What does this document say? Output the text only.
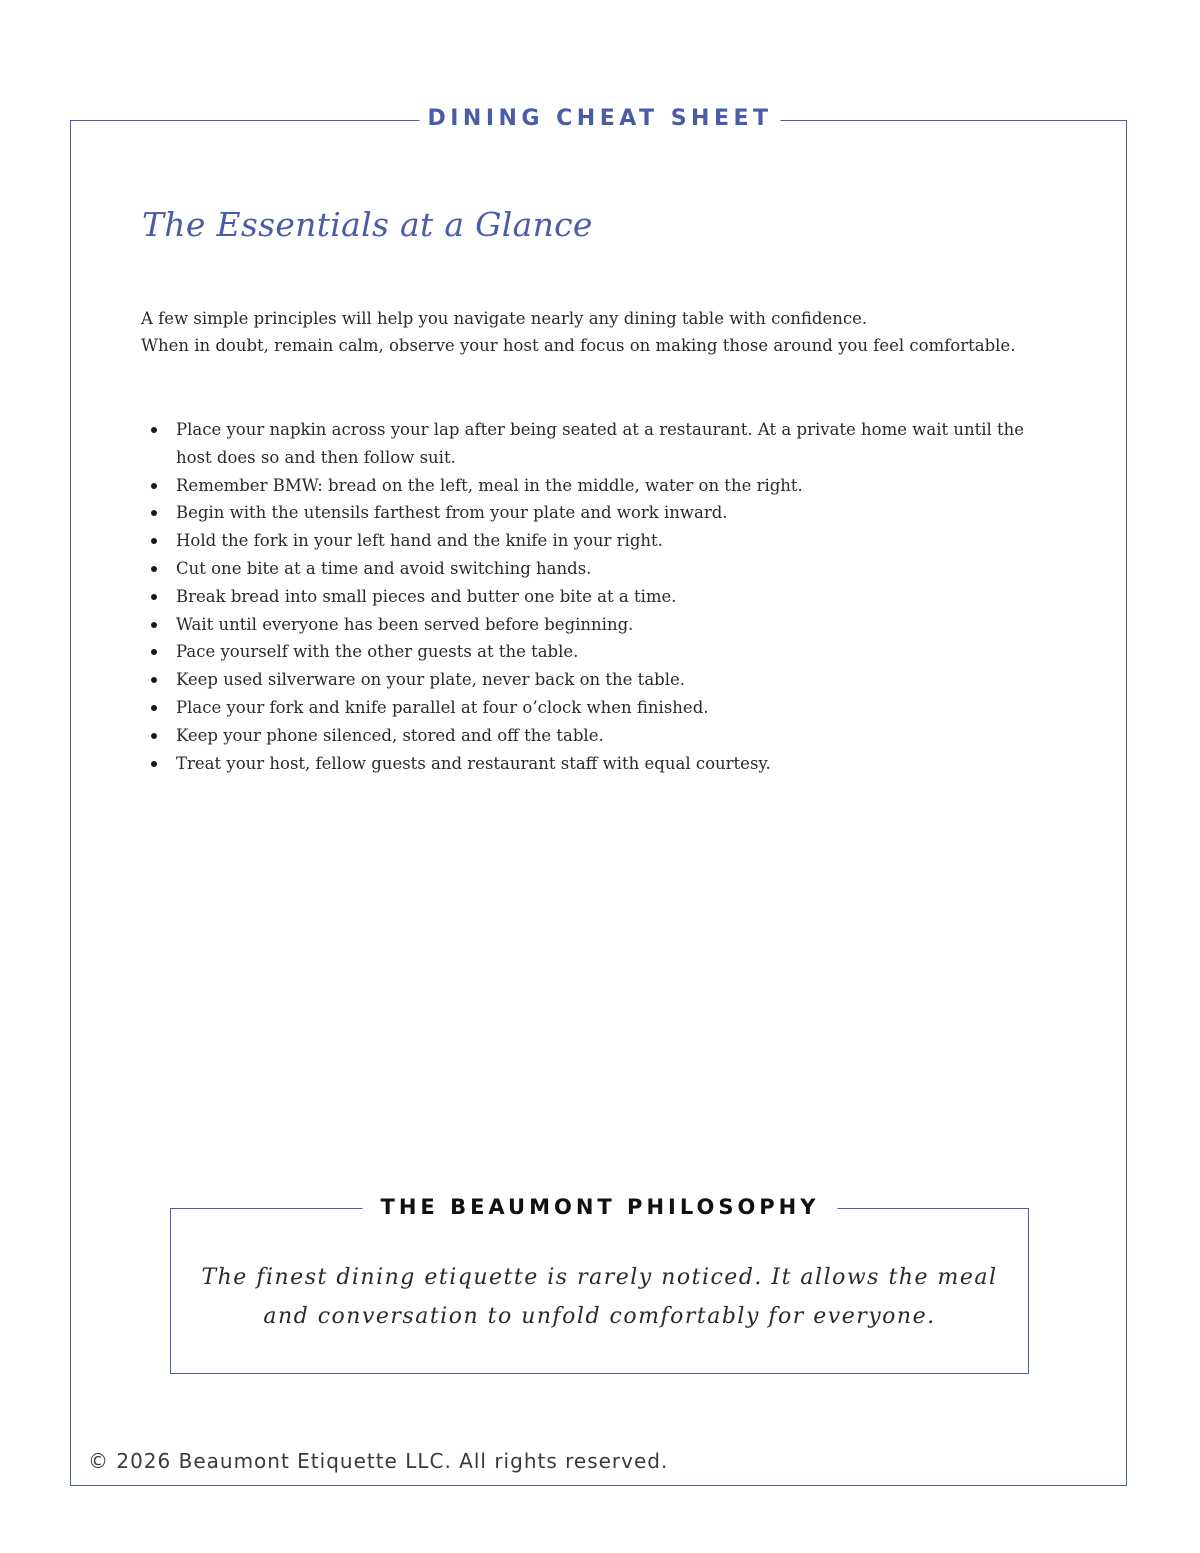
DINING CHEAT SHEET
The Essentials at a Glance

A few simple principles will help you navigate nearly any dining table with confidence.

When in doubt, remain calm, observe your host and focus on making those around you feel comfortable.

Place your napkin across your lap after being seated at a restaurant. At a private home wait until the host does so and then follow suit.
Remember BMW: bread on the left, meal in the middle, water on the right.
Begin with the utensils farthest from your plate and work inward.
Hold the fork in your left hand and the knife in your right.
Cut one bite at a time and avoid switching hands.
Break bread into small pieces and butter one bite at a time.
Wait until everyone has been served before beginning.
Pace yourself with the other guests at the table.
Keep used silverware on your plate, never back on the table.
Place your fork and knife parallel at four o’clock when finished.
Keep your phone silenced, stored and off the table.
Treat your host, fellow guests and restaurant staff with equal courtesy.
THE BEAUMONT PHILOSOPHY

The finest dining etiquette is rarely noticed. It allows the meal
and conversation to unfold comfortably for everyone.

© 2026 Beaumont Etiquette LLC. All rights reserved.
